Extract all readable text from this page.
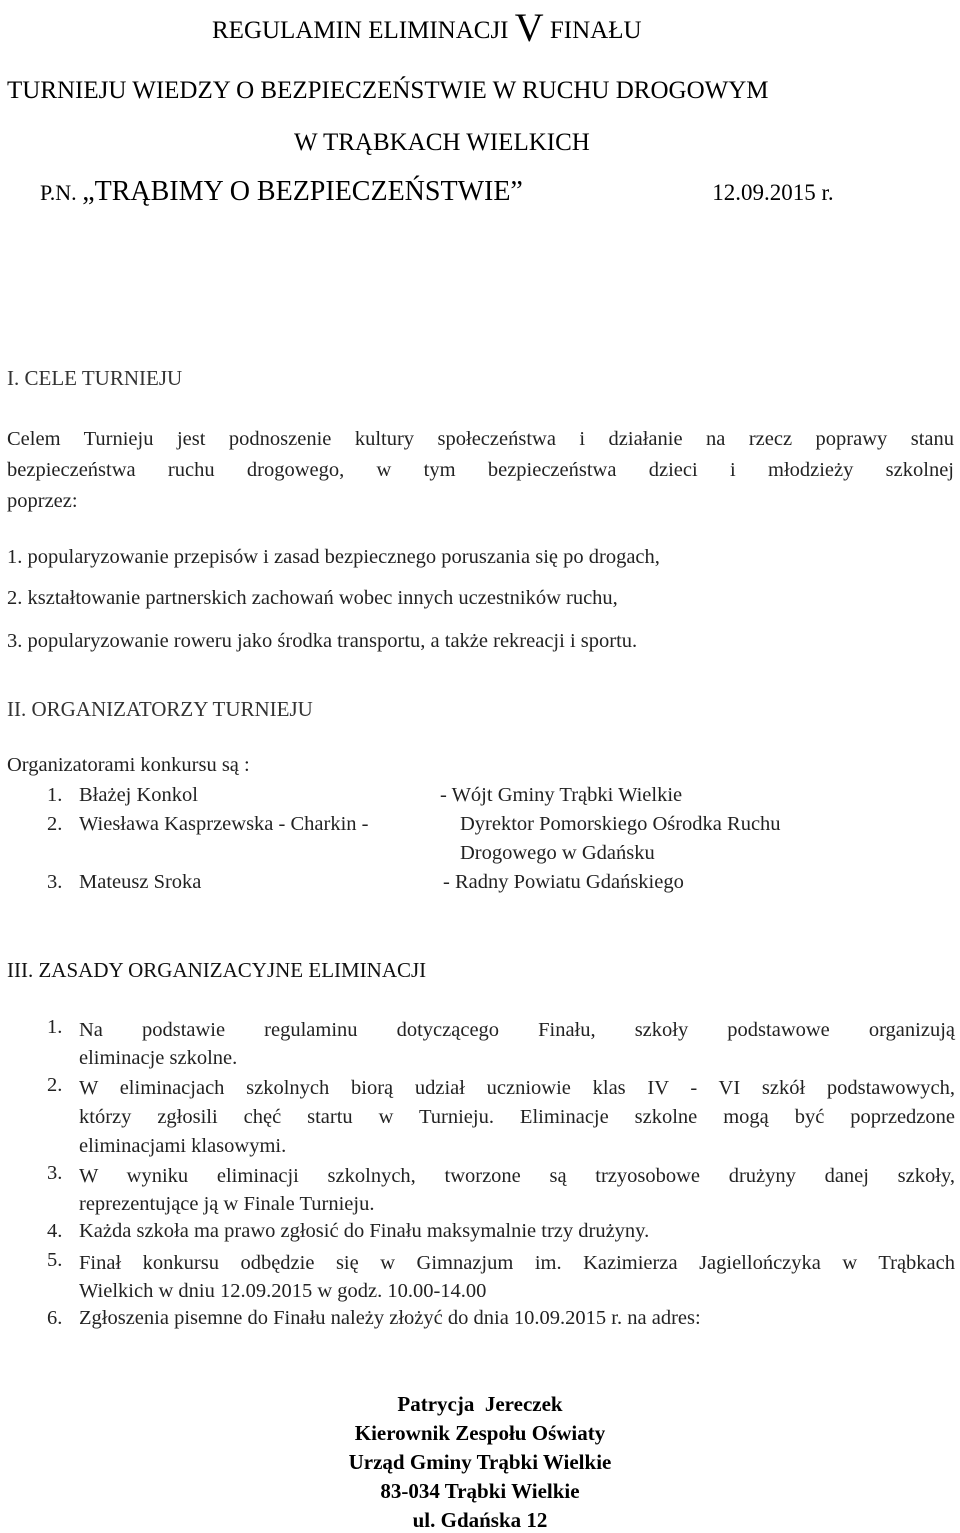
REGULAMIN ELIMINACJI V FINAŁU
TURNIEJU WIEDZY O BEZPIECZEŃSTWIE W RUCHU DROGOWYM
W TRĄBKACH WIELKICH
P.N. „TRĄBIMY O BEZPIECZEŃSTWIE”	12.09.2015 r.
I. CELE TURNIEJU
Celem Turnieju jest podnoszenie kultury społeczeństwa i działanie na rzecz poprawy stanu
bezpieczeństwa ruchu drogowego, w tym bezpieczeństwa dzieci i młodzieży szkolnej
poprzez:
1. popularyzowanie przepisów i zasad bezpiecznego poruszania się po drogach,
2. kształtowanie partnerskich zachowań wobec innych uczestników ruchu,
3. popularyzowanie roweru jako środka transportu, a także rekreacji i sportu.
II. ORGANIZATORZY TURNIEJU
Organizatorami konkursu są :
1. Błażej Konkol	- Wójt Gminy Trąbki Wielkie
2. Wiesława Kasprzewska - Charkin -	Dyrektor Pomorskiego Ośrodka Ruchu
Drogowego w Gdańsku
3. Mateusz Sroka	- Radny Powiatu Gdańskiego
III. ZASADY ORGANIZACYJNE ELIMINACJI
1. Na podstawie regulaminu dotyczącego Finału, szkoły podstawowe organizują
eliminacje szkolne.
2. W eliminacjach szkolnych biorą udział uczniowie klas IV - VI szkół podstawowych,
którzy zgłosili chęć startu w Turnieju. Eliminacje szkolne mogą być poprzedzone
eliminacjami klasowymi.
3. W wyniku eliminacji szkolnych, tworzone są trzyosobowe drużyny danej szkoły,
reprezentujące ją w Finale Turnieju.
4. Każda szkoła ma prawo zgłosić do Finału maksymalnie trzy drużyny.
5. Finał konkursu odbędzie się w Gimnazjum im. Kazimierza Jagiellończyka w Trąbkach
Wielkich w dniu 12.09.2015 w godz. 10.00-14.00
6. Zgłoszenia pisemne do Finału należy złożyć do dnia 10.09.2015 r. na adres:
Patrycja  Jereczek
Kierownik Zespołu Oświaty
Urząd Gminy Trąbki Wielkie
83-034 Trąbki Wielkie
ul. Gdańska 12
